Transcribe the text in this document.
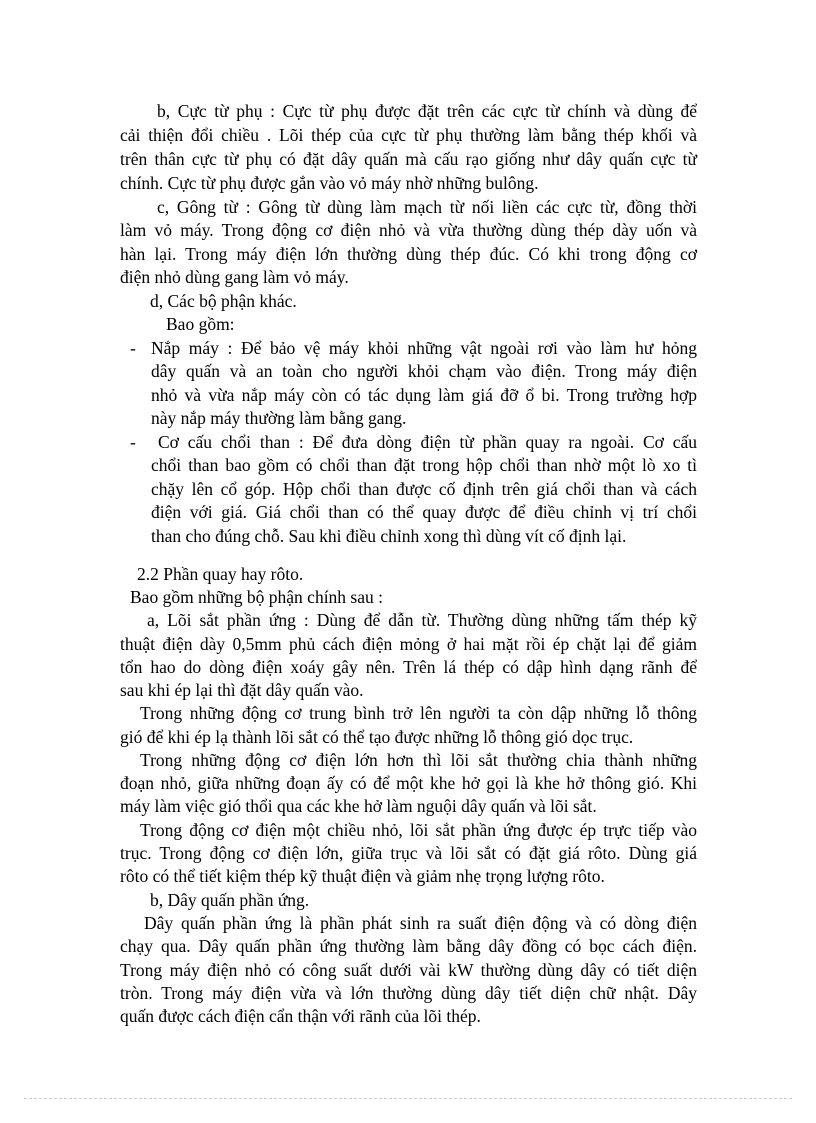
b, Cực từ phụ : Cực từ phụ được đặt trên các cực từ chính và dùng để
cải thiện đổi chiều . Lõi thép của cực từ phụ thường làm bằng thép khối và
trên thân cực từ phụ có đặt dây quấn mà cấu rạo giống như dây quấn cực từ
chính. Cực từ phụ được gắn vào vỏ máy nhờ những bulông.
c, Gông từ : Gông từ dùng làm mạch từ nối liền các cực từ, đồng thời
làm vỏ máy. Trong động cơ điện nhỏ và vừa thường dùng thép dày uốn và
hàn lại. Trong máy điện lớn thường dùng thép đúc. Có khi trong động cơ
điện nhỏ dùng gang làm vỏ máy.
d, Các bộ phận khác.
Bao gồm:
- Nắp máy : Để bảo vệ máy khỏi những vật ngoài rơi vào làm hư hỏng
dây quấn và an toàn cho người khỏi chạm vào điện. Trong máy điện
nhỏ và vừa nắp máy còn có tác dụng làm giá đỡ ổ bi. Trong trường hợp
này nắp máy thường làm bằng gang.
- Cơ cấu chổi than : Để đưa dòng điện từ phần quay ra ngoài. Cơ cấu
chổi than bao gồm có chổi than đặt trong hộp chổi than nhờ một lò xo tì
chặy lên cổ góp. Hộp chổi than được cố định trên giá chổi than và cách
điện với giá. Giá chổi than có thể quay được để điều chỉnh vị trí chổi
than cho đúng chỗ. Sau khi điều chỉnh xong thì dùng vít cố định lại.
2.2 Phần quay hay rôto.
Bao gồm những bộ phận chính sau :
a, Lõi sắt phần ứng : Dùng để dẫn từ. Thường dùng những tấm thép kỹ
thuật điện dày 0,5mm phủ cách điện mỏng ở hai mặt rồi ép chặt lại để giảm
tổn hao do dòng điện xoáy gây nên. Trên lá thép có dập hình dạng rãnh để
sau khi ép lại thì đặt dây quấn vào.
Trong những động cơ trung bình trở lên người ta còn dập những lỗ thông
gió để khi ép lạ thành lõi sắt có thể tạo được những lỗ thông gió dọc trục.
Trong những động cơ điện lớn hơn thì lõi sắt thường chia thành những
đoạn nhỏ, giữa những đoạn ấy có để một khe hở gọi là khe hở thông gió. Khi
máy làm việc gió thổi qua các khe hở làm nguội dây quấn và lõi sắt.
Trong động cơ điện một chiều nhỏ, lõi sắt phần ứng được ép trực tiếp vào
trục. Trong động cơ điện lớn, giữa trục và lõi sắt có đặt giá rôto. Dùng giá
rôto có thể tiết kiệm thép kỹ thuật điện và giảm nhẹ trọng lượng rôto.
b, Dây quấn phần ứng.
Dây quấn phần ứng là phần phát sinh ra suất điện động và có dòng điện
chạy qua. Dây quấn phần ứng thường làm bằng dây đồng có bọc cách điện.
Trong máy điện nhỏ có công suất dưới vài kW thường dùng dây có tiết diện
tròn. Trong máy điện vừa và lớn thường dùng dây tiết diện chữ nhật. Dây
quấn được cách điện cẩn thận với rãnh của lõi thép.
